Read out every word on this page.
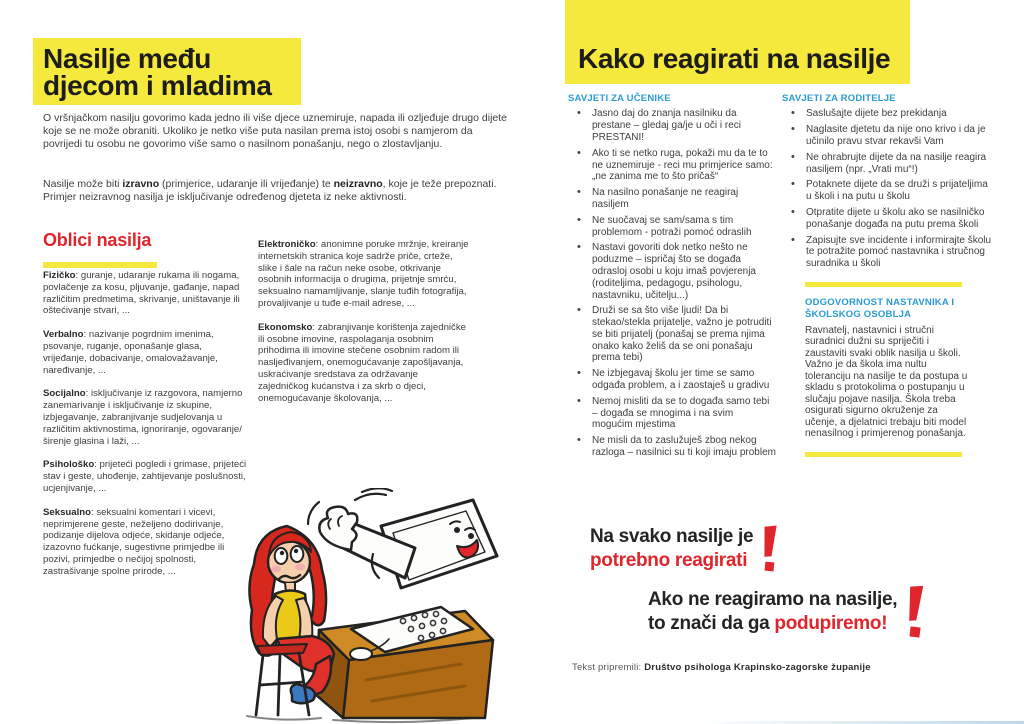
Nasilje među
djecom i mladima

O vršnjačkom nasilju govorimo kada jedno ili više djece uznemiruje, napada ili ozljeđuje drugo dijete koje se ne može obraniti. Ukoliko je netko više puta nasilan prema istoj osobi s namjerom da povrijedi tu osobu ne govorimo više samo o nasilnom ponašanju, nego o zlostavljanju.

Nasilje može biti izravno (primjerice, udaranje ili vrijeđanje) te neizravno, koje je teže prepoznati. Primjer neizravnog nasilja je isključivanje određenog djeteta iz neke aktivnosti.

Oblici nasilja

Fizičko: guranje, udaranje rukama ili nogama, povlačenje za kosu, pljuvanje, gađanje, napad različitim predmetima, skrivanje, uništavanje ili oštećivanje stvari, ...

Verbalno: nazivanje pogrdnim imenima, psovanje, ruganje, oponašanje glasa, vrijeđanje, dobacivanje, omalovažavanje, naređivanje, ...

Socijalno: isključivanje iz razgovora, namjerno zanemarivanje i isključivanje iz skupine, izbjegavanje, zabranjivanje sudjelovanja u različitim aktivnostima, ignoriranje, ogovaranje/širenje glasina i laži, ...

Psihološko: prijeteći pogledi i grimase, prijeteći stav i geste, uhođenje, zahtijevanje poslušnosti, ucjenjivanje, ...

Seksualno: seksualni komentari i vicevi, neprimjerene geste, neželjeno dodirivanje, podizanje dijelova odjeće, skidanje odjeće, izazovno fućkanje, sugestivne primjedbe ili pozivi, primjedbe o nečijoj spolnosti, zastrašivanje spolne prirode, ...

Elektroničko: anonimne poruke mržnje, kreiranje internetskih stranica koje sadrže priče, crteže, slike i šale na račun neke osobe, otkrivanje osobnih informacija o drugima, prijetnje smrću, seksualno namamljivanje, slanje tuđih fotografija, provaljivanje u tuđe e-mail adrese, ...

Ekonomsko: zabranjivanje korištenja zajedničke ili osobne imovine, raspolaganja osobnim prihodima ili imovine stečene osobnim radom ili nasljeđivanjem, onemogućavanje zapošljavanja, uskraćivanje sredstava za održavanje zajedničkog kućanstva i za skrb o djeci, onemogućavanje školovanja, ...

Kako reagirati na nasilje
SAVJETI ZA UČENIKE
• Jasno daj do znanja nasilniku da prestane – gledaj ga/je u oči i reci PRESTANI!
• Ako ti se netko ruga, pokaži mu da te to ne uznemiruje - reci mu primjerice samo: „ne zanima me to što pričaš“
• Na nasilno ponašanje ne reagiraj nasiljem
• Ne suočavaj se sam/sama s tim problemom - potraži pomoć odraslih
• Nastavi govoriti dok netko nešto ne poduzme – ispričaj što se događa odrasloj osobi u koju imaš povjerenja (roditeljima, pedagogu, psihologu, nastavniku, učitelju...)
• Druži se sa što više ljudi! Da bi stekao/stekla prijatelje, važno je potruditi se biti prijatelj (ponašaj se prema njima onako kako želiš da se oni ponašaju prema tebi)
• Ne izbjegavaj školu jer time se samo odgađa problem, a i zaostaješ u gradivu
• Nemoj misliti da se to događa samo tebi – događa se mnogima i na svim mogućim mjestima
• Ne misli da to zaslužuješ zbog nekog razloga – nasilnici su ti koji imaju problem
SAVJETI ZA RODITELJE
• Saslušajte dijete bez prekidanja
• Naglasite djetetu da nije ono krivo i da je učinilo pravu stvar rekavši Vam
• Ne ohrabrujte dijete da na nasilje reagira nasiljem (npr. „Vrati mu“!)
• Potaknete dijete da se druži s prijateljima u školi i na putu u školu
• Otpratite dijete u školu ako se nasilničko ponašanje događa na putu prema školi
• Zapisujte sve incidente i informirajte školu te potražite pomoć nastavnika i stručnog suradnika u školi
ODGOVORNOST NASTAVNIKA I ŠKOLSKOG OSOBLJA

Ravnatelj, nastavnici i stručni suradnici dužni su spriječiti i zaustaviti svaki oblik nasilja u školi. Važno je da škola ima nultu toleranciju na nasilje te da postupa u skladu s protokolima o postupanju u slučaju pojave nasilja. Škola treba osigurati sigurno okruženje za učenje, a djelatnici trebaju biti model nenasilnog i primjerenog ponašanja.

Na svako nasilje je
potrebno reagirati
Ako ne reagiramo na nasilje,
to znači da ga podupiremo!
Tekst pripremili: Društvo psihologa Krapinsko-zagorske županije
